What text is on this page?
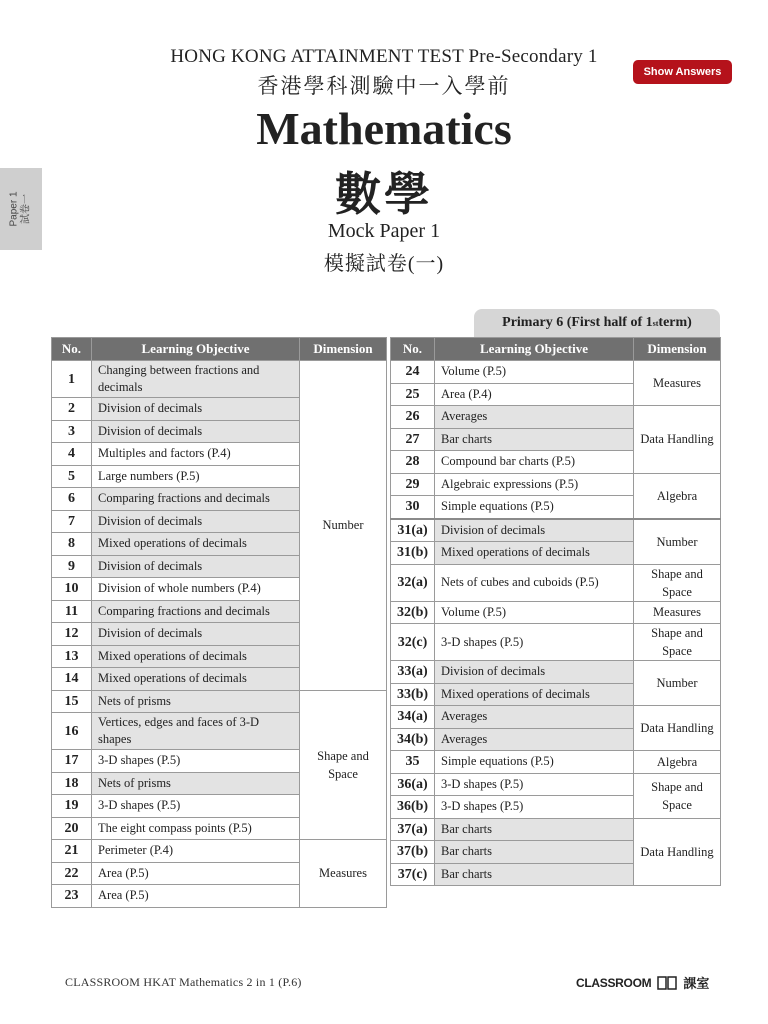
HONG KONG ATTAINMENT TEST Pre-Secondary 1
香港學科測驗中一入學前
Show Answers
Mathematics
數學
Mock Paper 1
模擬試卷(一)
Paper 1 試卷一
Primary 6 (First half of 1 st term)
No.	Learning Objective	Dimension
1	Changing between fractions and decimals	Number
2	Division of decimals	
3	Division of decimals	
4	Multiples and factors (P.4)	
5	Large numbers (P.5)	
6	Comparing fractions and decimals	
7	Division of decimals	
8	Mixed operations of decimals	
9	Division of decimals	
10	Division of whole numbers (P.4)	
11	Comparing fractions and decimals	
12	Division of decimals	
13	Mixed operations of decimals	
14	Mixed operations of decimals	
15	Nets of prisms	Shape and Space
16	Vertices, edges and faces of 3-D shapes	
17	3-D shapes (P.5)	
18	Nets of prisms	
19	3-D shapes (P.5)	
20	The eight compass points (P.5)	
21	Perimeter (P.4)	Measures
22	Area (P.5)	
23	Area (P.5)	
No.	Learning Objective	Dimension
24	Volume (P.5)	Measures
25	Area (P.4)	
26	Averages	Data Handling
27	Bar charts	
28	Compound bar charts (P.5)	
29	Algebraic expressions (P.5)	Algebra
30	Simple equations (P.5)	
31(a)	Division of decimals	Number
31(b)	Mixed operations of decimals	
32(a)	Nets of cubes and cuboids (P.5)	Shape and Space
32(b)	Volume (P.5)	Measures
32(c)	3-D shapes (P.5)	Shape and Space
33(a)	Division of decimals	Number
33(b)	Mixed operations of decimals	
34(a)	Averages	Data Handling
34(b)	Averages	
35	Simple equations (P.5)	Algebra
36(a)	3-D shapes (P.5)	Shape and Space
36(b)	3-D shapes (P.5)	
37(a)	Bar charts	Data Handling
37(b)	Bar charts	
37(c)	Bar charts	
CLASSROOM HKAT Mathematics 2 in 1 (P.6)	CLASSROOM 課室
